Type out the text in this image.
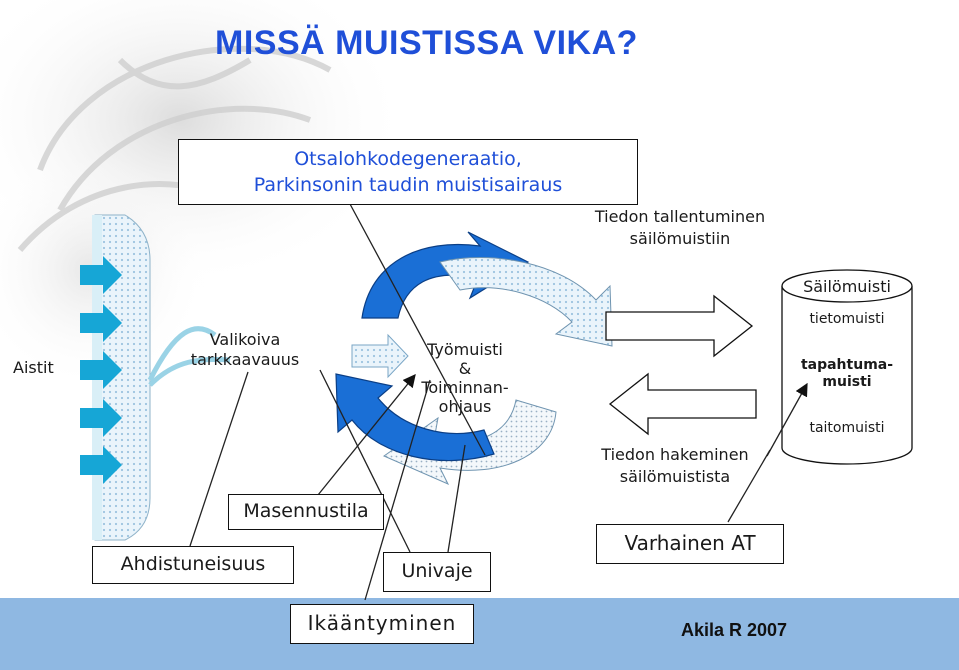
MISSÄ MUISTISSA VIKA?
Otsalohkodegeneraatio,
Parkinsonin taudin muistisairaus
Tiedon tallentuminen
säilömuistiin
Aistit
Valikoiva
tarkkaavauus
Työmuisti
&
Toiminnan-
ohjaus
Säilömuisti
tietomuisti
tapahtuma-
muisti
taitomuisti
Tiedon hakeminen
säilömuistista
Masennustila
Ahdistuneisuus	Univaje
Varhainen AT
Ikääntyminen	Akila R 2007
